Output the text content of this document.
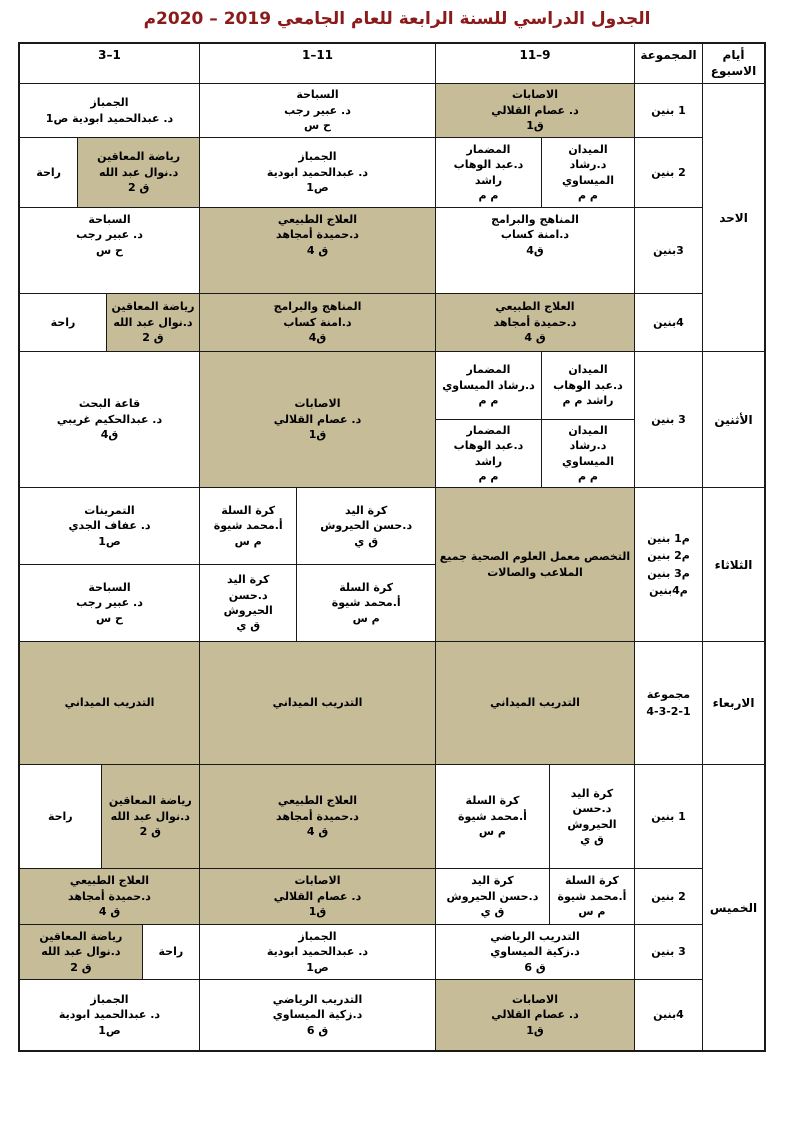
الجدول الدراسي للسنة الرابعة للعام الجامعي 2019 – 2020م
أيام الاسبوع
المجموعة
9–11
11–1
1–3
الاحد
1 بنين
الاصابات
د. عصام القلالي
ق1
السباحة
د. عبير رجب
ح س
الجمباز
د. عبدالحميد ابودية ص1
2 بنين
الميدان
د.رشاد الميساوي
م م
المضمار
د.عبد الوهاب راشد
م م
الجمباز
د. عبدالحميد ابودية
ص1
رياضة المعاقين
د.نوال عبد الله
ق 2
راحة
3بنين
المناهج والبرامج
د.امنة كساب
ق4
العلاج الطبيعي
د.حميدة أمجاهد
ق 4
السباحة
د. عبير رجب
ح س
4بنين
العلاج الطبيعي
د.حميدة أمجاهد
ق 4
المناهج والبرامج
د.امنة كساب
ق4
رياضة المعاقين
د.نوال عبد الله
ق 2
راحة
الأثنين
3 بنين
الميدان
د.عبد الوهاب
راشد م م
المضمار
د.رشاد الميساوي
م م
الميدان
د.رشاد الميساوي
م م
المضمار
د.عبد الوهاب راشد
م م
الاصابات
د. عصام القلالي
ق1
قاعة البحث
د. عبدالحكيم غريبي
ق4
الثلاثاء
م1 بنين
م2 بنين
م3 بنين
م4بنين
التخصص معمل العلوم الصحية جميع
الملاعب والصالات
كرة اليد
د.حسن الحيروش
ق ي
كرة السلة
أ.محمد شيوة
م س
كرة السلة
أ.محمد شيوة
م س
كرة اليد
د.حسن
الحيروش
ق ي
التمرينات
د. عفاف الجدي
ص1
السباحة
د. عبير رجب
ح س
الاربعاء
مجموعة
4-3-2-1
التدريب الميداني
التدريب الميداني
التدريب الميداني
الخميس
1 بنين
كرة اليد
د.حسن
الحيروش
ق ي
كرة السلة
أ.محمد شيوة
م س
العلاج الطبيعي
د.حميدة أمجاهد
ق 4
رياضة المعاقين
د.نوال عبد الله
ق 2
راحة
2 بنين
كرة السلة
أ.محمد شيوة
م س
كرة اليد
د.حسن الحيروش
ق ي
الاصابات
د. عصام القلالي
ق1
العلاج الطبيعي
د.حميدة أمجاهد
ق 4
3 بنين
التدريب الرياضي
د.زكية الميساوي
ق 6
الجمباز
د. عبدالحميد ابودية
ص1
راحة
رياضة المعاقين
د.نوال عبد الله
ق 2
4بنين
الاصابات
د. عصام القلالي
ق1
التدريب الرياضي
د.زكية الميساوي
ق 6
الجمباز
د. عبدالحميد ابودية
ص1
